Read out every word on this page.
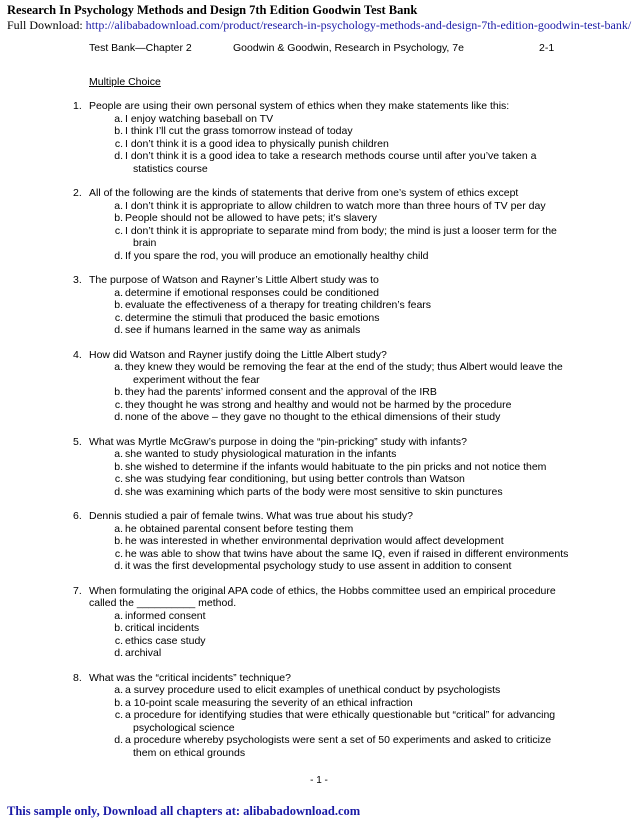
Research In Psychology Methods and Design 7th Edition Goodwin Test Bank
Full Download: http://alibabadownload.com/product/research-in-psychology-methods-and-design-7th-edition-goodwin-test-bank/
Test Bank—Chapter 2	Goodwin & Goodwin, Research in Psychology, 7e	2-1
Multiple Choice
1. People are using their own personal system of ethics when they make statements like this:
a. I enjoy watching baseball on TV
b. I think I’ll cut the grass tomorrow instead of today
c. I don’t think it is a good idea to physically punish children
d. I don’t think it is a good idea to take a research methods course until after you’ve taken a
statistics course
2. All of the following are the kinds of statements that derive from one’s system of ethics except
a. I don’t think it is appropriate to allow children to watch more than three hours of TV per day
b. People should not be allowed to have pets; it’s slavery
c. I don’t think it is appropriate to separate mind from body; the mind is just a looser term for the
brain
d. If you spare the rod, you will produce an emotionally healthy child
3. The purpose of Watson and Rayner’s Little Albert study was to
a. determine if emotional responses could be conditioned
b. evaluate the effectiveness of a therapy for treating children’s fears
c. determine the stimuli that produced the basic emotions
d. see if humans learned in the same way as animals
4. How did Watson and Rayner justify doing the Little Albert study?
a. they knew they would be removing the fear at the end of the study; thus Albert would leave the
experiment without the fear
b. they had the parents’ informed consent and the approval of the IRB
c. they thought he was strong and healthy and would not be harmed by the procedure
d. none of the above – they gave no thought to the ethical dimensions of their study
5. What was Myrtle McGraw’s purpose in doing the “pin-pricking” study with infants?
a. she wanted to study physiological maturation in the infants
b. she wished to determine if the infants would habituate to the pin pricks and not notice them
c. she was studying fear conditioning, but using better controls than Watson
d. she was examining which parts of the body were most sensitive to skin punctures
6. Dennis studied a pair of female twins. What was true about his study?
a. he obtained parental consent before testing them
b. he was interested in whether environmental deprivation would affect development
c. he was able to show that twins have about the same IQ, even if raised in different environments
d. it was the first developmental psychology study to use assent in addition to consent
7. When formulating the original APA code of ethics, the Hobbs committee used an empirical procedure called the __________ method.
a. informed consent
b. critical incidents
c. ethics case study
d. archival
8. What was the “critical incidents” technique?
a. a survey procedure used to elicit examples of unethical conduct by psychologists
b. a 10-point scale measuring the severity of an ethical infraction
c. a procedure for identifying studies that were ethically questionable but “critical” for advancing
psychological science
d. a procedure whereby psychologists were sent a set of 50 experiments and asked to criticize
them on ethical grounds
- 1 -
This sample only, Download all chapters at: alibabadownload.com
